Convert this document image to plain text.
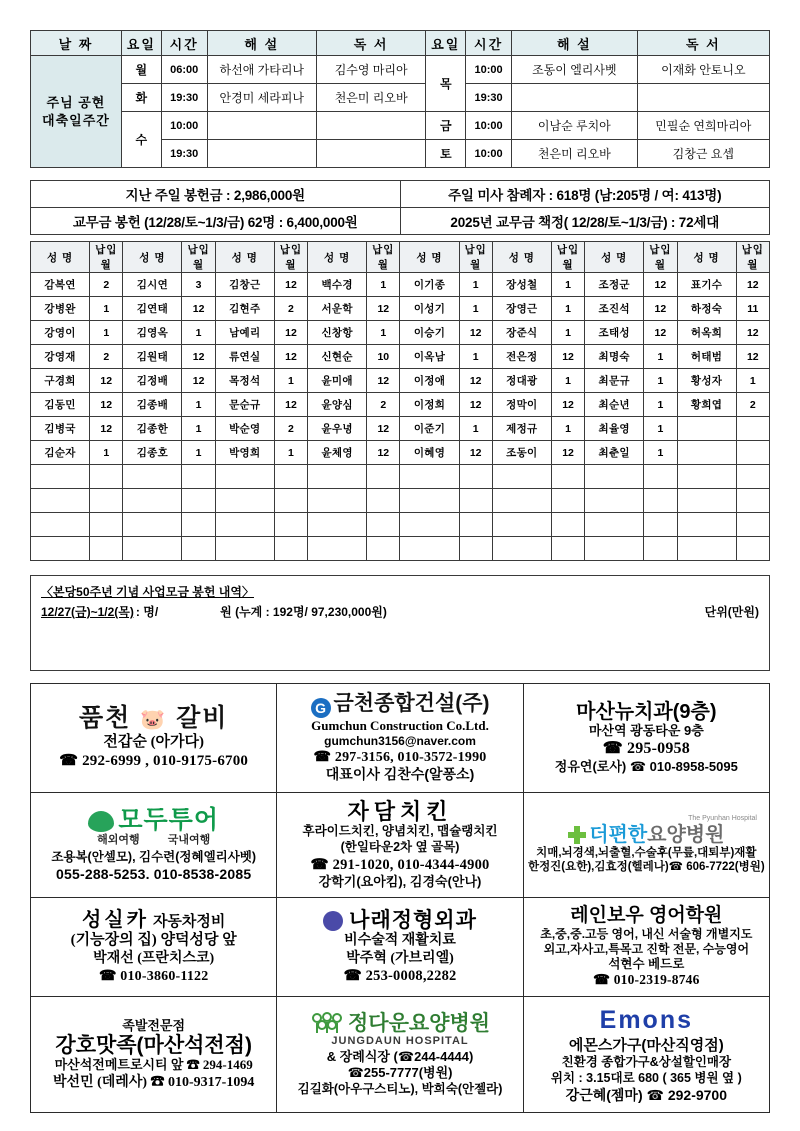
날 짜	요일	시간	해 설	독 서	요일	시간	해 설	독 서

주님 공현
대축일주간	월	06:00	하선애 가타리나	김수영 마리아	목	10:00	조동이 엘리사벳	이재화 안토니오
	화	19:30	안경미 세라피나	천은미 리오바		19:30		
	수	10:00			금	10:00	이남순 루치아	민필순 연희마리아
		19:30			토	10:00	천은미 리오바	김창근 요셉
지난 주일 봉헌금 : 2,986,000원	주일 미사 참례자 : 618명 (남:205명 / 여: 413명)
교무금 봉헌 (12/28/토~1/3/금) 62명 : 6,400,000원	2025년 교무금 책정( 12/28/토~1/3/금) : 72세대
성 명	납입월	성 명	납입월	성 명	납입월	성 명	납입월	성 명	납입월	성 명	납입월	성 명	납입월	성 명	납입월
감복연	2	김시연	3	김창근	12	백수경	1	이기종	1	장성철	1	조정군	12	표기수	12
강병완	1	김연태	12	김현주	2	서운학	12	이성기	1	장영근	1	조진석	12	하정숙	11
강영이	1	김영옥	1	남예리	12	신창항	1	이승기	12	장준식	1	조태성	12	허옥희	12
강영재	2	김원태	12	류연실	12	신현순	10	이옥남	1	전은정	12	최명숙	1	허태범	12
구경희	12	김정배	12	목정석	1	윤미애	12	이정애	12	정대광	1	최문규	1	황성자	1
김동민	12	김종배	1	문순규	12	윤양심	2	이정희	12	정막이	12	최순년	1	황희엽	2
김병국	12	김종한	1	박순영	2	윤우녕	12	이준기	1	제정규	1	최율영	1		
김순자	1	김종호	1	박영희	1	윤체영	12	이혜영	12	조동이	12	최춘일	1		

〈본당50주년 기념 사업모금 봉헌 내역〉
12/27(금)~1/2(목) : 명/	원 (누계 : 192명/ 97,230,000원)	단위(만원)
품천 🐷 갈비
전갑순 (아가다)
☎ 292-6999 , 010-9175-6700

G 금천종합건설(주)
Gumchun Construction Co.Ltd.
gumchun3156@naver.com
☎ 297-3156, 010-3572-1990
대표이사 김찬수(알퐁소)

마산뉴치과(9층)
마산역 광동타운 9층
☎ 295-0958
정유연(로사) ☎ 010-8958-5095

모두투어
해외여행	국내여행
조용복(안셀모), 김수련(정혜엘리사벳)
055-288-5253. 010-8538-2085

자담치킨
후라이드치킨, 양념치킨, 맵슐랭치킨
(한일타운2차 옆 골목)
☎ 291-1020, 010-4344-4900
강학기(요아킴), 김경숙(안나)

The Pyunhan Hospital
더편한요양병원
치매,뇌경색,뇌출혈,수술후(무릎,대퇴부)재활
한정진(요한),김효정(헬레나)☎ 606-7722(병원)

성실카 자동차정비
(기능장의 집) 양덕성당 앞
박재선 (프란치스코)
☎ 010-3860-1122

나래정형외과
비수술적 재활치료
박주혁 (가브리엘)
☎ 253-0008,2282

레인보우 영어학원
초,중,중.고등 영어, 내신 서술형 개별지도
외고,자사고,특목고 진학 전문, 수능영어
석현수 베드로
☎ 010-2319-8746

족발전문점
강호맛족(마산석전점)
마산석전메트로시티 앞 ☎ 294-1469
박선민 (데레사) ☎ 010-9317-1094

정다운요양병원
JUNGDAUN HOSPITAL
& 장례식장 (☎244-4444)
☎255-7777(병원)
김길화(아우구스티노), 박희숙(안젤라)

Emons
에몬스가구(마산직영점)
친환경 종합가구&상설할인매장
위치 : 3.15대로 680 ( 365 병원 옆 )
강근혜(젬마) ☎ 292-9700
